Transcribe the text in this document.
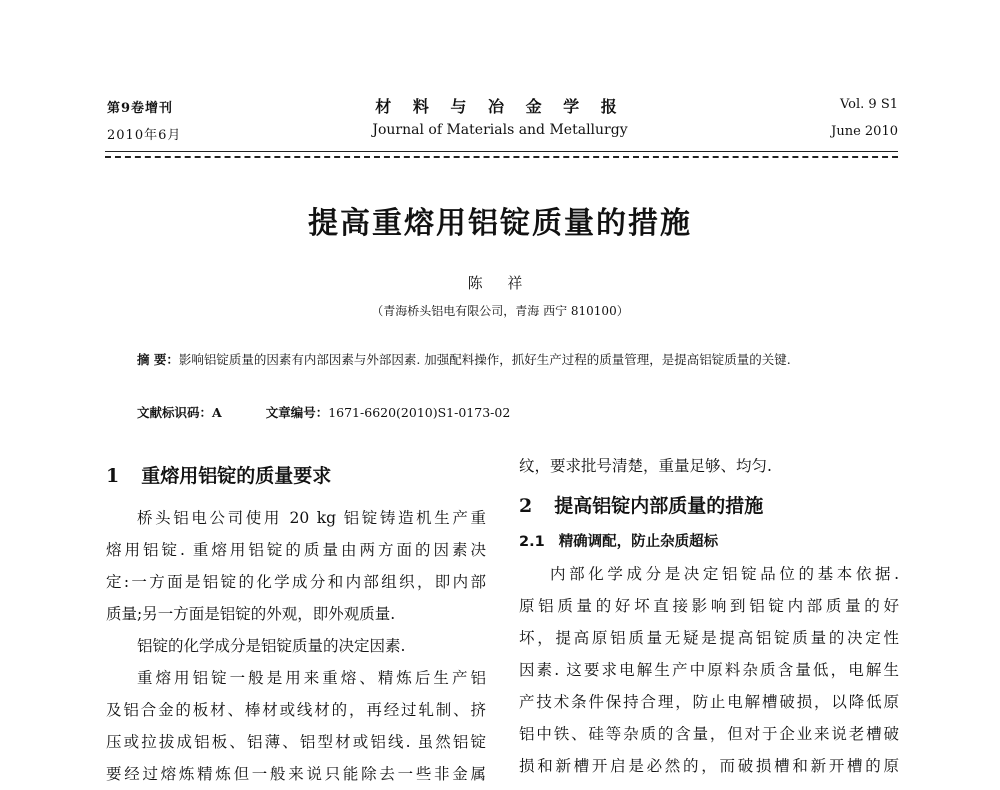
第9卷增刊
2010年6月
材 料 与 冶 金 学 报
Journal of Materials and Metallurgy
Vol. 9 S1
June 2010
提高重熔用铝锭质量的措施
陈 祥
（青海桥头铝电有限公司，青海 西宁 810100）
摘 要：影响铝锭质量的因素有内部因素与外部因素. 加强配料操作，抓好生产过程的质量管理，是提高铝锭质量的关键.
文献标识码：A	文章编号：1671-6620(2010)S1-0173-02
1 重熔用铝锭的质量要求

桥头铝电公司使用 20 kg 铝锭铸造机生产重

熔用铝锭. 重熔用铝锭的质量由两方面的因素决

定:一方面是铝锭的化学成分和内部组织，即内部

质量;另一方面是铝锭的外观，即外观质量.

铝锭的化学成分是铝锭质量的决定因素.

重熔用铝锭一般是用来重熔、精炼后生产铝

及铝合金的板材、棒材或线材的，再经过轧制、挤

压或拉拔成铝板、铝薄、铝型材或铝线. 虽然铝锭

要经过熔炼精炼但一般来说只能除去一些非金属

纹，要求批号清楚，重量足够、均匀.

2 提高铝锭内部质量的措施
2.1 精确调配，防止杂质超标

内部化学成分是决定铝锭品位的基本依据.

原铝质量的好坏直接影响到铝锭内部质量的好

坏，提高原铝质量无疑是提高铝锭质量的决定性

因素. 这要求电解生产中原料杂质含量低，电解生

产技术条件保持合理，防止电解槽破损，以降低原

铝中铁、硅等杂质的含量，但对于企业来说老槽破

损和新槽开启是必然的，而破损槽和新开槽的原
